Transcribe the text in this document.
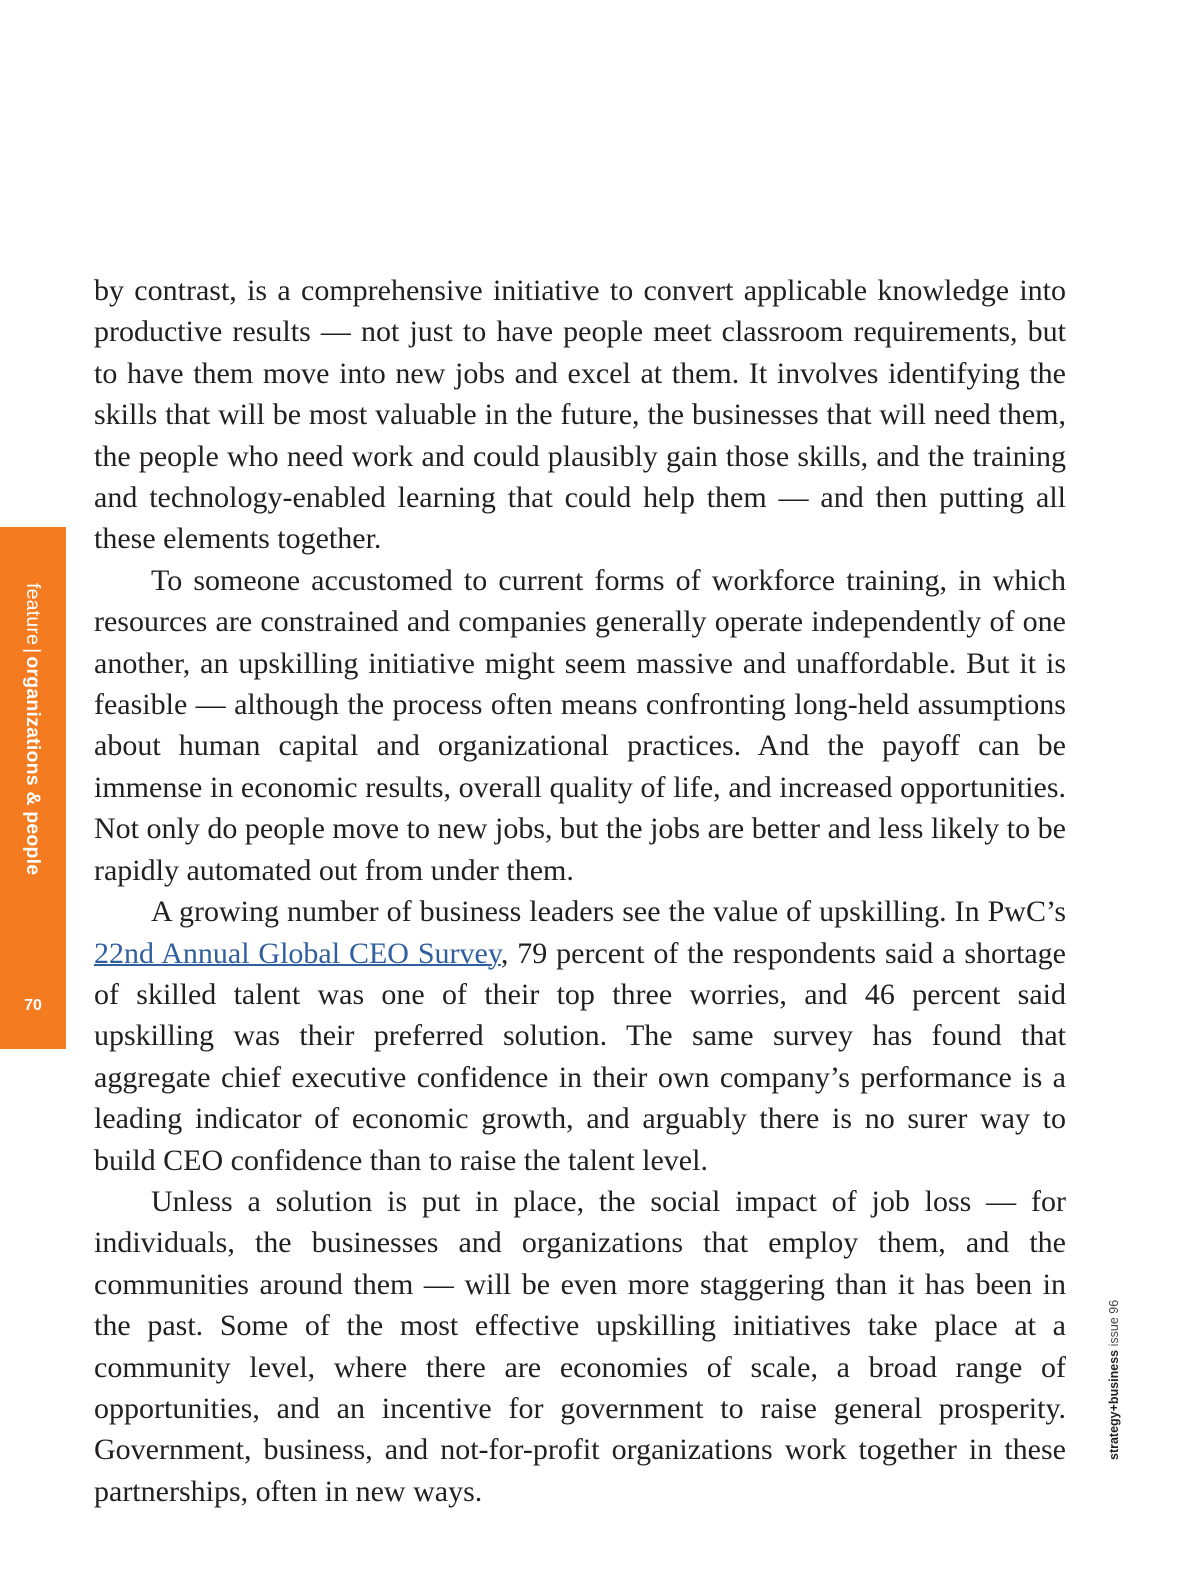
feature|organizations & people
70
strategy+business issue 96

by contrast, is a comprehensive initiative to convert applicable knowledge into productive results — not just to have people meet classroom requirements, but to have them move into new jobs and excel at them. It involves identifying the skills that will be most valuable in the future, the businesses that will need them, the people who need work and could plausibly gain those skills, and the training and technology-enabled learning that could help them — and then putting all these elements together.

To someone accustomed to current forms of workforce training, in which resources are constrained and companies generally operate independently of one another, an upskilling initiative might seem massive and unaffordable. But it is feasible — although the process often means confronting long-held assumptions about human capital and organizational practices. And the payoff can be immense in economic results, overall quality of life, and increased opportunities. Not only do people move to new jobs, but the jobs are better and less likely to be rapidly automated out from under them.

A growing number of business leaders see the value of upskilling. In PwC’s 22nd Annual Global CEO Survey, 79 percent of the respondents said a shortage of skilled talent was one of their top three worries, and 46 percent said upskilling was their preferred solution. The same survey has found that aggregate chief executive confidence in their own company’s performance is a leading indicator of economic growth, and arguably there is no surer way to build CEO confidence than to raise the talent level.

Unless a solution is put in place, the social impact of job loss — for individuals, the businesses and organizations that employ them, and the communities around them — will be even more staggering than it has been in the past. Some of the most effective upskilling initiatives take place at a community level, where there are economies of scale, a broad range of opportunities, and an incentive for government to raise general prosperity. Government, business, and not-for-profit organizations work together in these partnerships, often in new ways.
